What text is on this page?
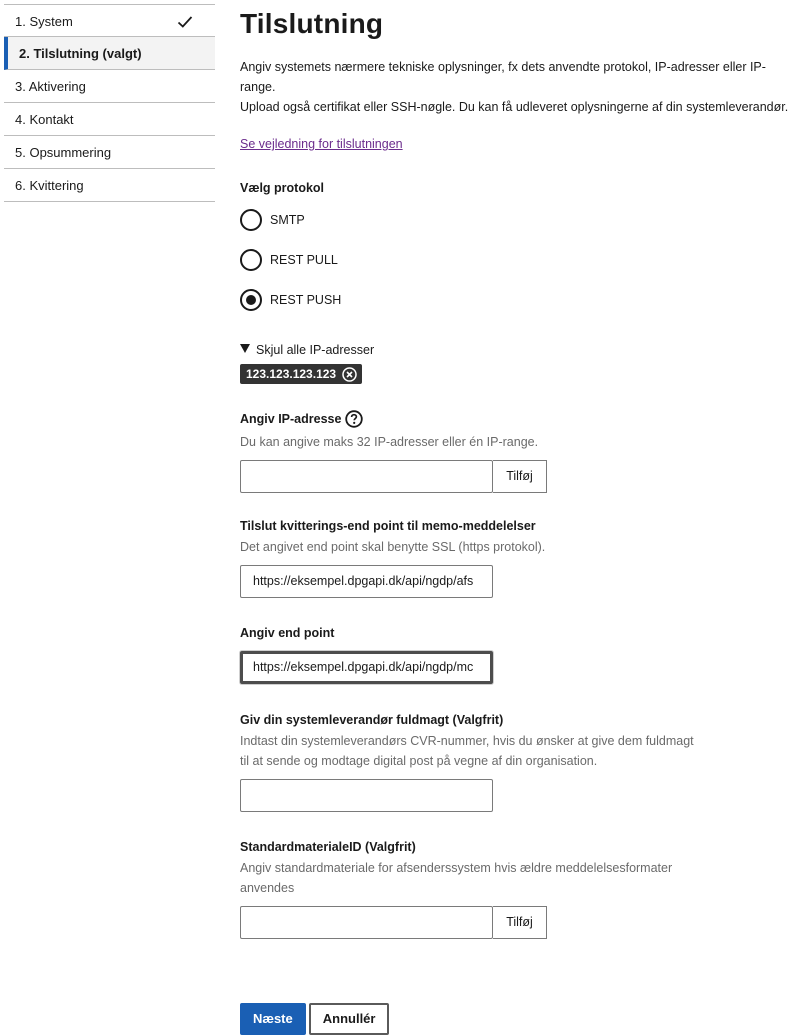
1. System
2. Tilslutning (valgt)
3. Aktivering
4. Kontakt
5. Opsummering
6. Kvittering
Tilslutning
Angiv systemets nærmere tekniske oplysninger, fx dets anvendte protokol, IP-adresser eller IP-range.
Upload også certifikat eller SSH-nøgle. Du kan få udleveret oplysningerne af din systemleverandør.
Se vejledning for tilslutningen
Vælg protokol
SMTP
REST PULL
REST PUSH
Skjul alle IP-adresser
123.123.123.123
Angiv IP-adresse
Du kan angive maks 32 IP-adresser eller én IP-range.
Tilføj
Tilslut kvitterings-end point til memo-meddelelser
Det angivet end point skal benytte SSL (https protokol).
https://eksempel.dpgapi.dk/api/ngdp/afs
Angiv end point
https://eksempel.dpgapi.dk/api/ngdp/mc
Giv din systemleverandør fuldmagt (Valgfrit)
Indtast din systemleverandørs CVR-nummer, hvis du ønsker at give dem fuldmagt
til at sende og modtage digital post på vegne af din organisation.
StandardmaterialeID (Valgfrit)
Angiv standardmateriale for afsenderssystem hvis ældre meddelelsesformater
anvendes
Tilføj
Næste	Annullér
